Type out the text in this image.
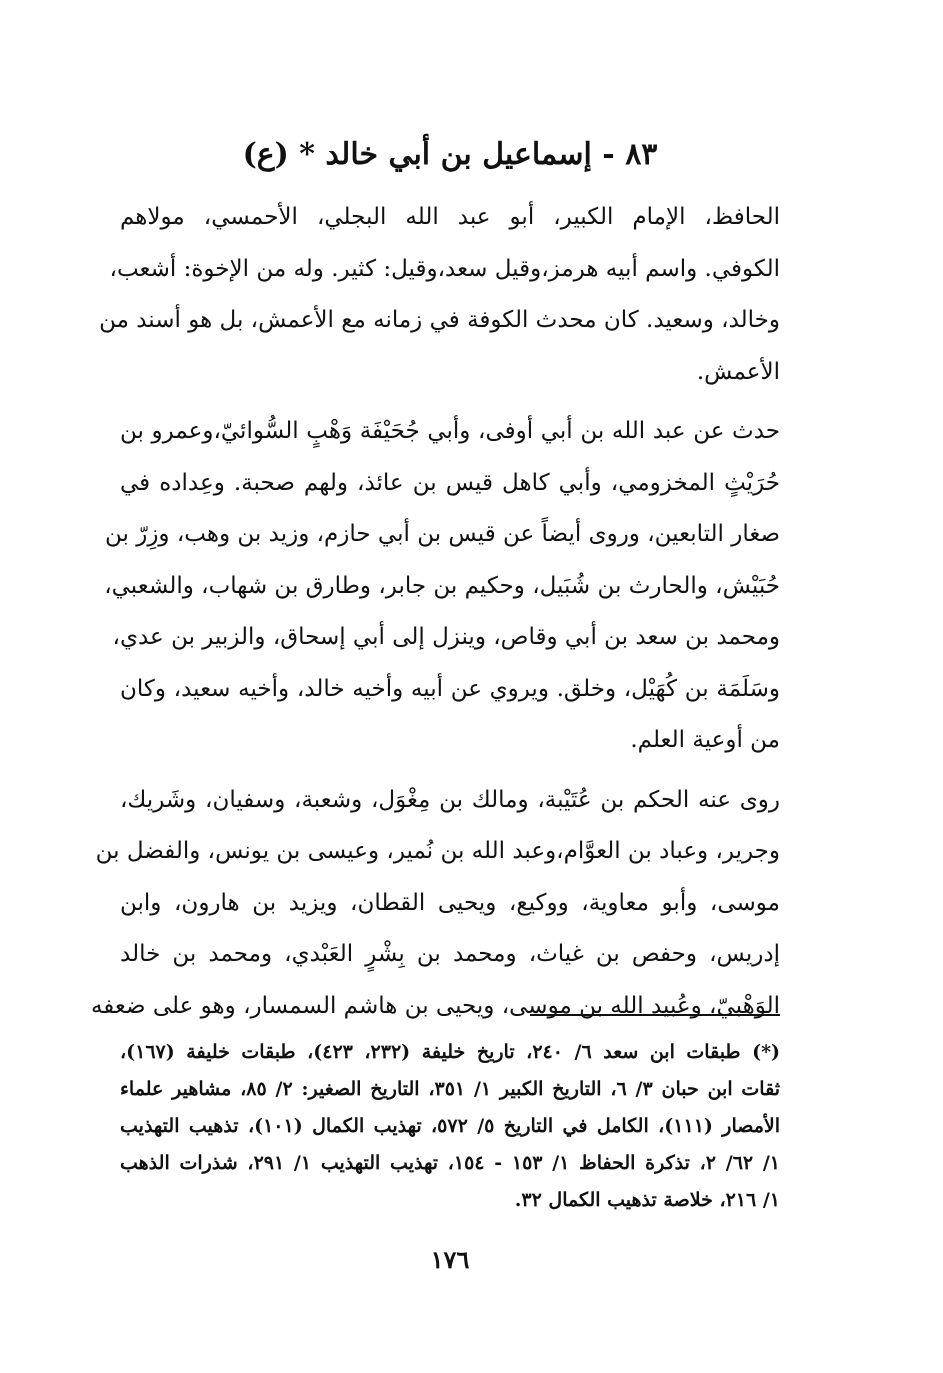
٨٣ - إسماعيل بن أبي خالد * (ع)
الحافظ، الإمام الكبير، أبو عبد الله البجلي، الأحمسي، مولاهم
الكوفي. واسم أبيه هرمز،وقيل سعد،وقيل: كثير. وله من الإخوة: أشعب،
وخالد، وسعيد. كان محدث الكوفة في زمانه مع الأعمش، بل هو أسند من
الأعمش.
حدث عن عبد الله بن أبي أوفى، وأبي جُحَيْفَة وَهْبٍ السُّوائيّ،وعمرو بن
حُرَيْثٍ المخزومي، وأبي كاهل قيس بن عائذ، ولهم صحبة. وعِداده في
صغار التابعين، وروى أيضاً عن قيس بن أبي حازم، وزيد بن وهب، وزِرّ بن
حُبَيْش، والحارث بن شُبَيل، وحكيم بن جابر، وطارق بن شهاب، والشعبي،
ومحمد بن سعد بن أبي وقاص، وينزل إلى أبي إسحاق، والزبير بن عدي،
وسَلَمَة بن كُهَيْل، وخلق. ويروي عن أبيه وأخيه خالد، وأخيه سعيد، وكان
من أوعية العلم.
روى عنه الحكم بن عُتَيْبة، ومالك بن مِغْوَل، وشعبة، وسفيان، وشَريك،
وجرير، وعباد بن العوَّام،وعبد الله بن نُمير، وعيسى بن يونس، والفضل بن
موسى، وأبو معاوية، ووكيع، ويحيى القطان، ويزيد بن هارون، وابن
إدريس، وحفص بن غياث، ومحمد بن بِشْرٍ العَبْدي، ومحمد بن خالد
الوَهْبيّ، وعُبيد الله بن موسى، ويحيى بن هاشم السمسار، وهو على ضعفه
(*) طبقات ابن سعد ٦/ ٢٤٠، تاريخ خليفة (٢٣٢، ٤٢٣)، طبقات خليفة (١٦٧)،
ثقات ابن حبان ٣/ ٦، التاريخ الكبير ١/ ٣٥١، التاريخ الصغير: ٢/ ٨٥، مشاهير علماء
الأمصار (١١١)، الكامل في التاريخ ٥/ ٥٧٢، تهذيب الكمال (١٠١)، تذهيب التهذيب
١/ ٦٢/ ٢، تذكرة الحفاظ ١/ ١٥٣ - ١٥٤، تهذيب التهذيب ١/ ٢٩١، شذرات الذهب
١/ ٢١٦، خلاصة تذهيب الكمال ٣٢.
١٧٦
